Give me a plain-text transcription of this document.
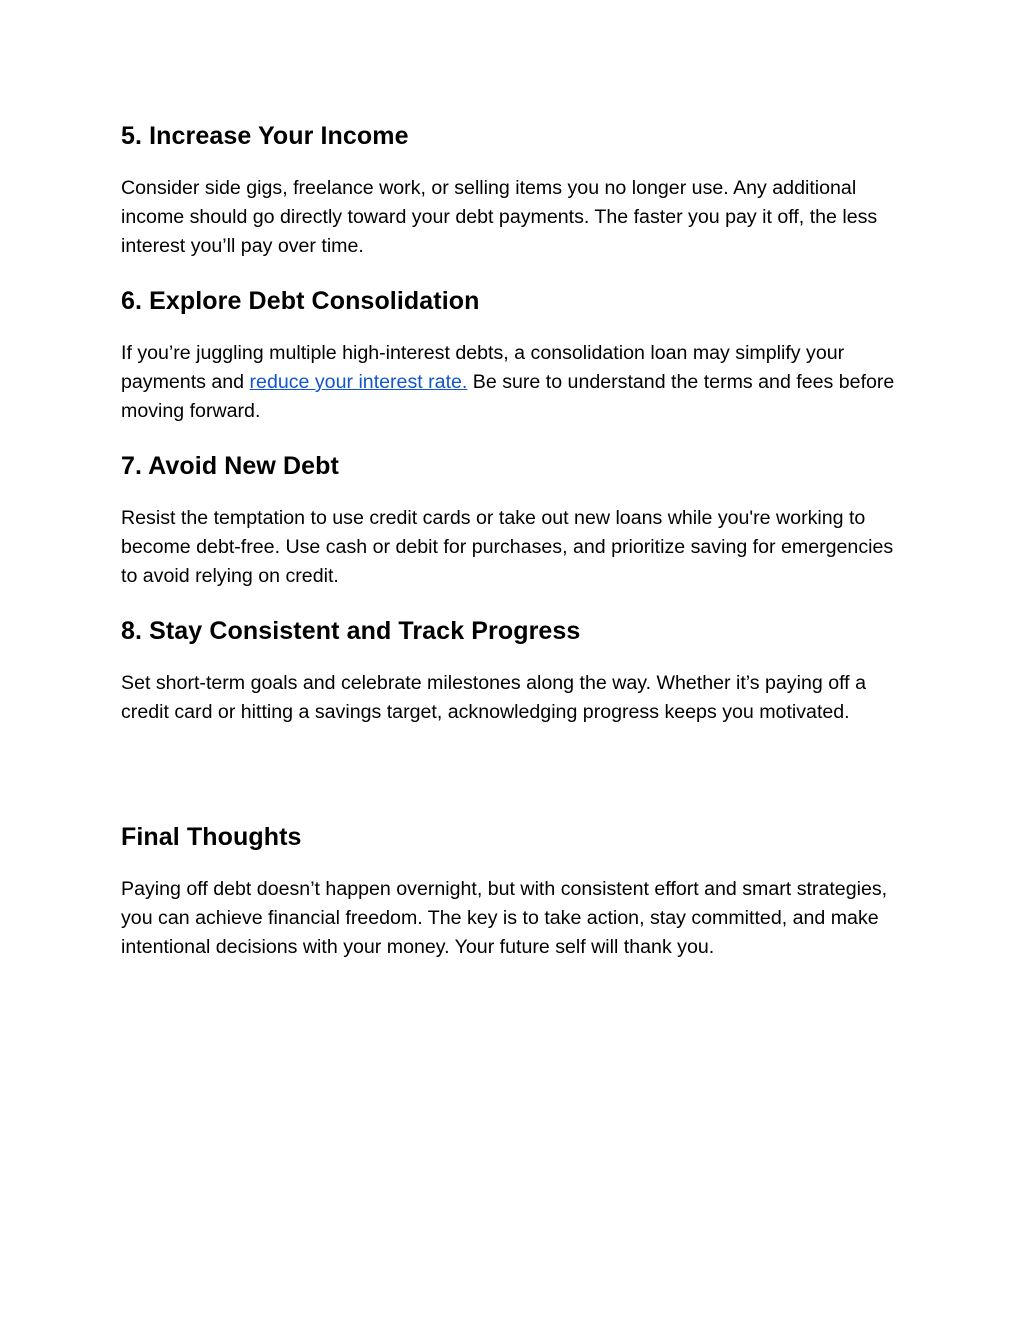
5. Increase Your Income

Consider side gigs, freelance work, or selling items you no longer use. Any additional income should go directly toward your debt payments. The faster you pay it off, the less interest you’ll pay over time.

6. Explore Debt Consolidation

If you’re juggling multiple high-interest debts, a consolidation loan may simplify your payments and reduce your interest rate. Be sure to understand the terms and fees before moving forward.

7. Avoid New Debt

Resist the temptation to use credit cards or take out new loans while you're working to become debt-free. Use cash or debit for purchases, and prioritize saving for emergencies to avoid relying on credit.

8. Stay Consistent and Track Progress

Set short-term goals and celebrate milestones along the way. Whether it’s paying off a credit card or hitting a savings target, acknowledging progress keeps you motivated.

Final Thoughts

Paying off debt doesn’t happen overnight, but with consistent effort and smart strategies, you can achieve financial freedom. The key is to take action, stay committed, and make intentional decisions with your money. Your future self will thank you.
